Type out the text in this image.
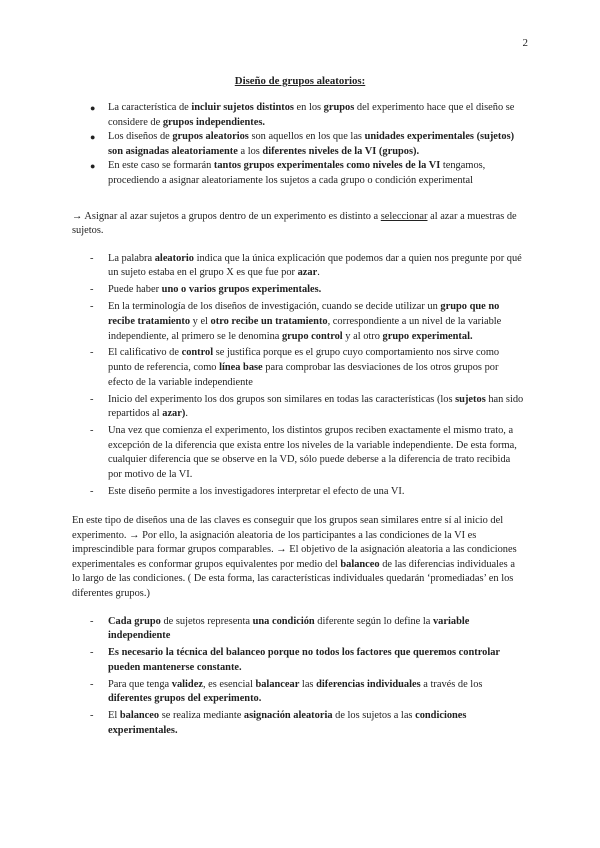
2
Diseño de grupos aleatorios:
● La característica de incluir sujetos distintos en los grupos del experimento hace que el diseño se considere de grupos independientes.
● Los diseños de grupos aleatorios son aquellos en los que las unidades experimentales (sujetos) son asignadas aleatoriamente a los diferentes niveles de la VI (grupos).
● En este caso se formarán tantos grupos experimentales como niveles de la VI tengamos, procediendo a asignar aleatoriamente los sujetos a cada grupo o condición experimental

→ Asignar al azar sujetos a grupos dentro de un experimento es distinto a seleccionar al azar a muestras de sujetos.

- La palabra aleatorio indica que la única explicación que podemos dar a quien nos pregunte por qué un sujeto estaba en el grupo X es que fue por azar.
- Puede haber uno o varios grupos experimentales.
- En la terminología de los diseños de investigación, cuando se decide utilizar un grupo que no recibe tratamiento y el otro recibe un tratamiento, correspondiente a un nivel de la variable independiente, al primero se le denomina grupo control y al otro grupo experimental.
- El calificativo de control se justifica porque es el grupo cuyo comportamiento nos sirve como punto de referencia, como línea base para comprobar las desviaciones de los otros grupos por efecto de la variable independiente
- Inicio del experimento los dos grupos son similares en todas las características (los sujetos han sido repartidos al azar).
- Una vez que comienza el experimento, los distintos grupos reciben exactamente el mismo trato, a excepción de la diferencia que exista entre los niveles de la variable independiente. De esta forma, cualquier diferencia que se observe en la VD, sólo puede deberse a la diferencia de trato recibida por motivo de la VI.
- Este diseño permite a los investigadores interpretar el efecto de una VI.

En este tipo de diseños una de las claves es conseguir que los grupos sean similares entre sí al inicio del experimento. → Por ello, la asignación aleatoria de los participantes a las condiciones de la VI es imprescindible para formar grupos comparables. → El objetivo de la asignación aleatoria a las condiciones experimentales es conformar grupos equivalentes por medio del balanceo de las diferencias individuales a lo largo de las condiciones. ( De esta forma, las características individuales quedarán ‘promediadas’ en los diferentes grupos.)

- Cada grupo de sujetos representa una condición diferente según lo define la variable independiente
- Es necesario la técnica del balanceo porque no todos los factores que queremos controlar pueden mantenerse constante.
- Para que tenga validez, es esencial balancear las diferencias individuales a través de los diferentes grupos del experimento.
- El balanceo se realiza mediante asignación aleatoria de los sujetos a las condiciones experimentales.
